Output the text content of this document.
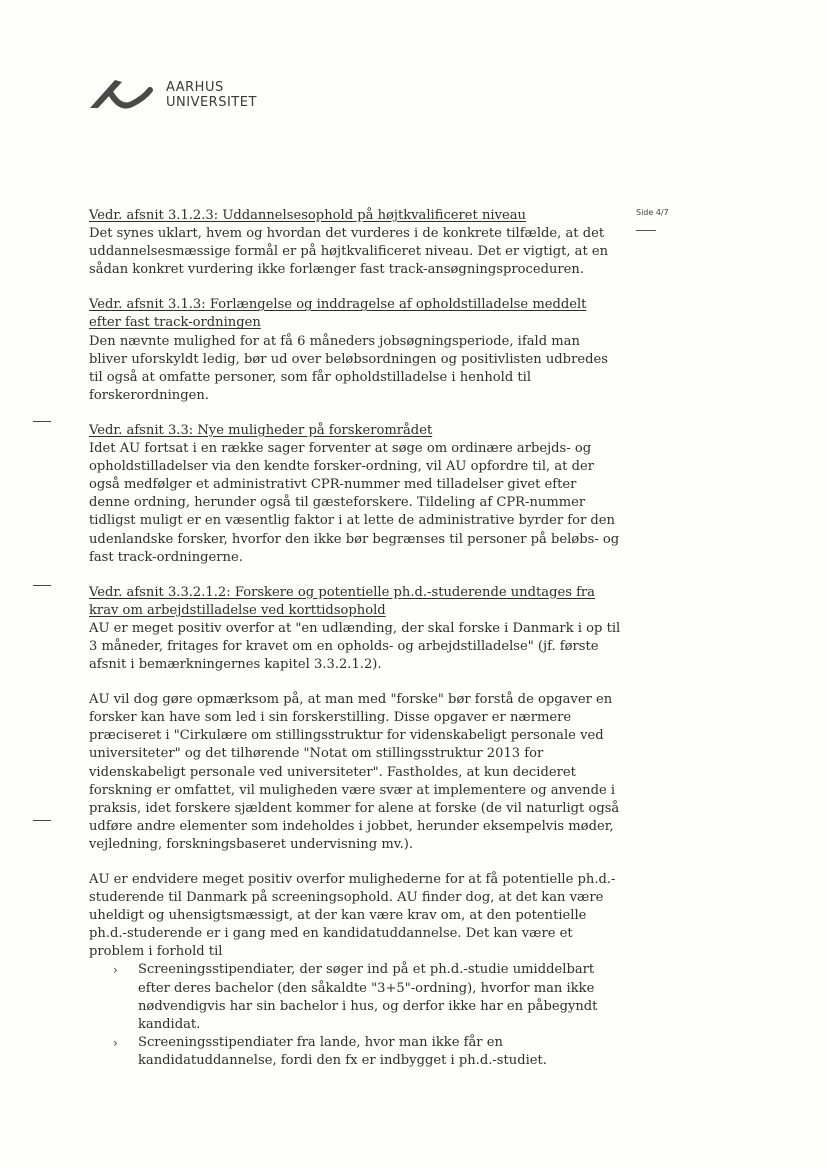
AARHUS
UNIVERSITET
Side 4/7

Vedr. afsnit 3.1.2.3: Uddannelsesophold på højtkvalificeret niveau

Det synes uklart, hvem og hvordan det vurderes i de konkrete tilfælde, at det uddannelsesmæssige formål er på højtkvalificeret niveau. Det er vigtigt, at en sådan konkret vurdering ikke forlænger fast track-ansøgningsproceduren.

Vedr. afsnit 3.1.3: Forlængelse og inddragelse af opholdstilladelse meddelt efter fast track-ordningen

Den nævnte mulighed for at få 6 måneders jobsøgningsperiode, ifald man bliver uforskyldt ledig, bør ud over beløbsordningen og positivlisten udbredes til også at omfatte personer, som får opholdstilladelse i henhold til forskerordningen.

Vedr. afsnit 3.3: Nye muligheder på forskerområdet

Idet AU fortsat i en række sager forventer at søge om ordinære arbejds- og opholdstilladelser via den kendte forsker-ordning, vil AU opfordre til, at der også medfølger et administrativt CPR-nummer med tilladelser givet efter denne ordning, herunder også til gæsteforskere. Tildeling af CPR-nummer tidligst muligt er en væsentlig faktor i at lette de administrative byrder for den udenlandske forsker, hvorfor den ikke bør begrænses til personer på beløbs- og fast track-ordningerne.

Vedr. afsnit 3.3.2.1.2: Forskere og potentielle ph.d.-studerende undtages fra krav om arbejdstilladelse ved korttidsophold

AU er meget positiv overfor at "en udlænding, der skal forske i Danmark i op til 3 måneder, fritages for kravet om en opholds- og arbejdstilladelse" (jf. første afsnit i bemærkningernes kapitel 3.3.2.1.2).

AU vil dog gøre opmærksom på, at man med "forske" bør forstå de opgaver en forsker kan have som led i sin forskerstilling. Disse opgaver er nærmere præciseret i "Cirkulære om stillingsstruktur for videnskabeligt personale ved universiteter" og det tilhørende "Notat om stillingsstruktur 2013 for videnskabeligt personale ved universiteter". Fastholdes, at kun decideret forskning er omfattet, vil muligheden være svær at implementere og anvende i praksis, idet forskere sjældent kommer for alene at forske (de vil naturligt også udføre andre elementer som indeholdes i jobbet, herunder eksempelvis møder, vejledning, forskningsbaseret undervisning mv.).

AU er endvidere meget positiv overfor mulighederne for at få potentielle ph.d.-studerende til Danmark på screeningsophold. AU finder dog, at det kan være uheldigt og uhensigtsmæssigt, at der kan være krav om, at den potentielle ph.d.-studerende er i gang med en kandidatuddannelse. Det kan være et problem i forhold til

› Screeningsstipendiater, der søger ind på et ph.d.-studie umiddelbart efter deres bachelor (den såkaldte "3+5"-ordning), hvorfor man ikke nødvendigvis har sin bachelor i hus, og derfor ikke har en påbegyndt kandidat.
› Screeningsstipendiater fra lande, hvor man ikke får en kandidatuddannelse, fordi den fx er indbygget i ph.d.-studiet.
